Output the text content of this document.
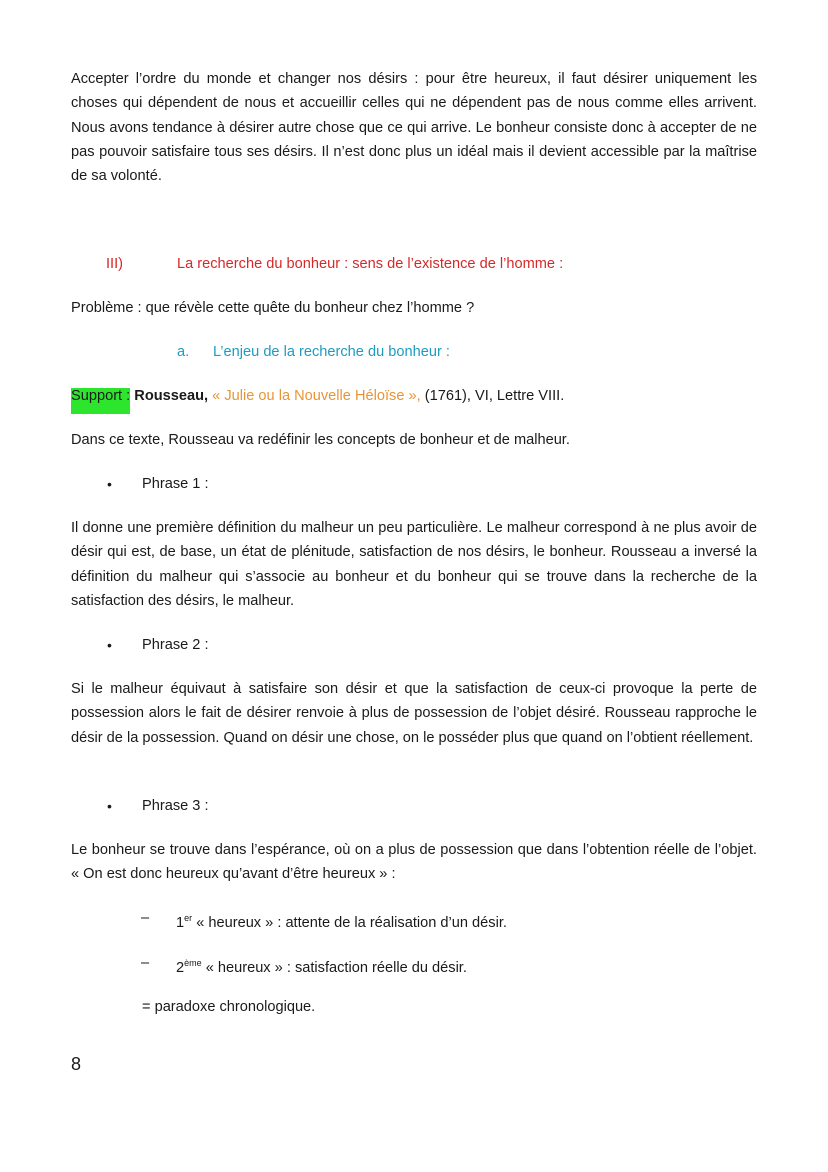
Accepter l’ordre du monde et changer nos désirs : pour être heureux, il faut désirer uniquement les choses qui dépendent de nous et accueillir celles qui ne dépendent pas de nous comme elles arrivent. Nous avons tendance à désirer autre chose que ce qui arrive. Le bonheur consiste donc à accepter de ne pas pouvoir satisfaire tous ses désirs. Il n’est donc plus un idéal mais il devient accessible par la maîtrise de sa volonté.

III)	La recherche du bonheur : sens de l’existence de l’homme :
Problème : que révèle cette quête du bonheur chez l’homme ?
a. L’enjeu de la recherche du bonheur :
Support : Rousseau, « Julie ou la Nouvelle Héloïse », (1761), VI, Lettre VIII.
Dans ce texte, Rousseau va redéfinir les concepts de bonheur et de malheur.
• Phrase 1 :

Il donne une première définition du malheur un peu particulière. Le malheur correspond à ne plus avoir de désir qui est, de base, un état de plénitude, satisfaction de nos désirs, le bonheur. Rousseau a inversé la définition du malheur qui s’associe au bonheur et du bonheur qui se trouve dans la recherche de la satisfaction des désirs, le malheur.

• Phrase 2 :

Si le malheur équivaut à satisfaire son désir et que la satisfaction de ceux-ci provoque la perte de possession alors le fait de désirer renvoie à plus de possession de l’objet désiré. Rousseau rapproche le désir de la possession. Quand on désir une chose, on le posséder plus que quand on l’obtient réellement.

• Phrase 3 :

Le bonheur se trouve dans l’espérance, où on a plus de possession que dans l’obtention réelle de l’objet. « On est donc heureux qu’avant d’être heureux » :

– 1er « heureux » : attente de la réalisation d’un désir.
– 2ème « heureux » : satisfaction réelle du désir.
= paradoxe chronologique.
8
